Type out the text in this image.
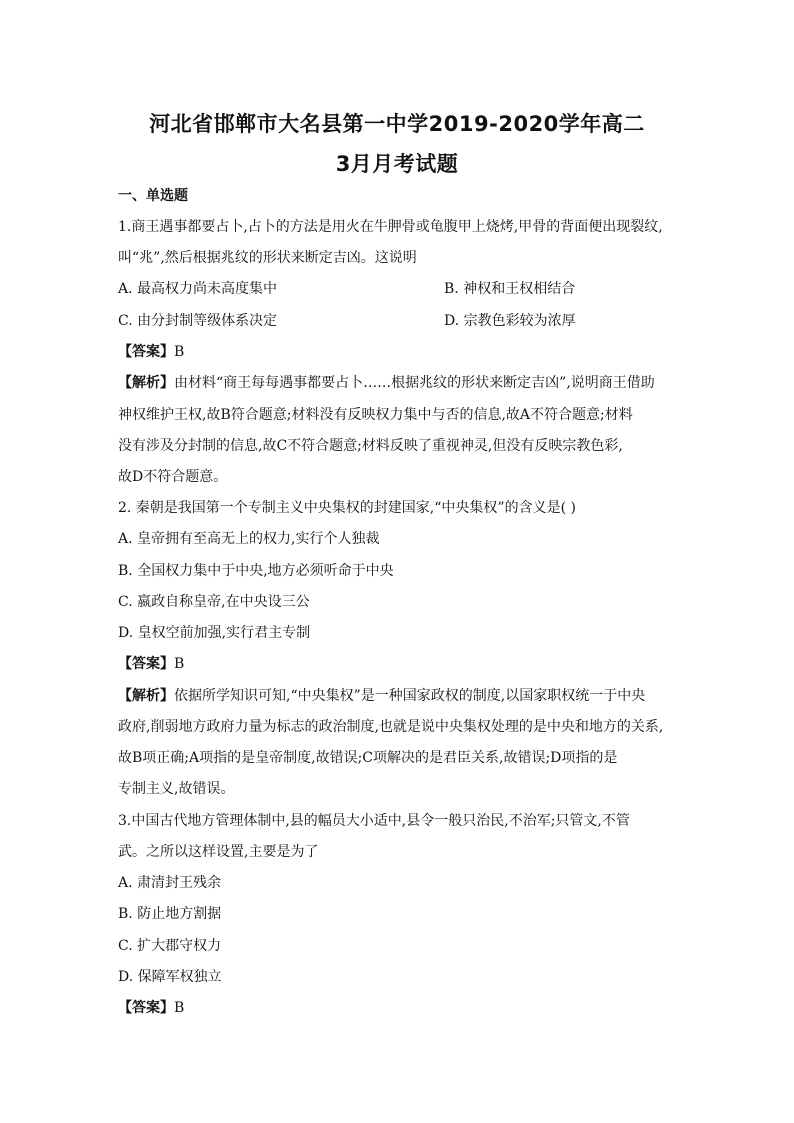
河北省邯郸市大名县第一中学2019-2020学年高二
3月月考试题
一、单选题
1.商王遇事都要占卜,占卜的方法是用火在牛胛骨或龟腹甲上烧烤,甲骨的背面便出现裂纹,
叫“兆”,然后根据兆纹的形状来断定吉凶。这说明
A. 最高权力尚未高度集中	B. 神权和王权相结合
C. 由分封制等级体系决定	D. 宗教色彩较为浓厚
【答案】B
【解析】由材料“商王每每遇事都要占卜……根据兆纹的形状来断定吉凶”,说明商王借助
神权维护王权,故B符合题意;材料没有反映权力集中与否的信息,故A不符合题意;材料
没有涉及分封制的信息,故C不符合题意;材料反映了重视神灵,但没有反映宗教色彩,
故D不符合题意。
2. 秦朝是我国第一个专制主义中央集权的封建国家,“中央集权”的含义是( )
A. 皇帝拥有至高无上的权力,实行个人独裁
B. 全国权力集中于中央,地方必须听命于中央
C. 嬴政自称皇帝,在中央设三公
D. 皇权空前加强,实行君主专制
【答案】B
【解析】依据所学知识可知,“中央集权”是一种国家政权的制度,以国家职权统一于中央
政府,削弱地方政府力量为标志的政治制度,也就是说中央集权处理的是中央和地方的关系,
故B项正确;A项指的是皇帝制度,故错误;C项解决的是君臣关系,故错误;D项指的是
专制主义,故错误。
3.中国古代地方管理体制中,县的幅员大小适中,县令一般只治民,不治军;只管文,不管
武。之所以这样设置,主要是为了
A. 肃清封王残余
B. 防止地方割据
C. 扩大郡守权力
D. 保障军权独立
【答案】B
